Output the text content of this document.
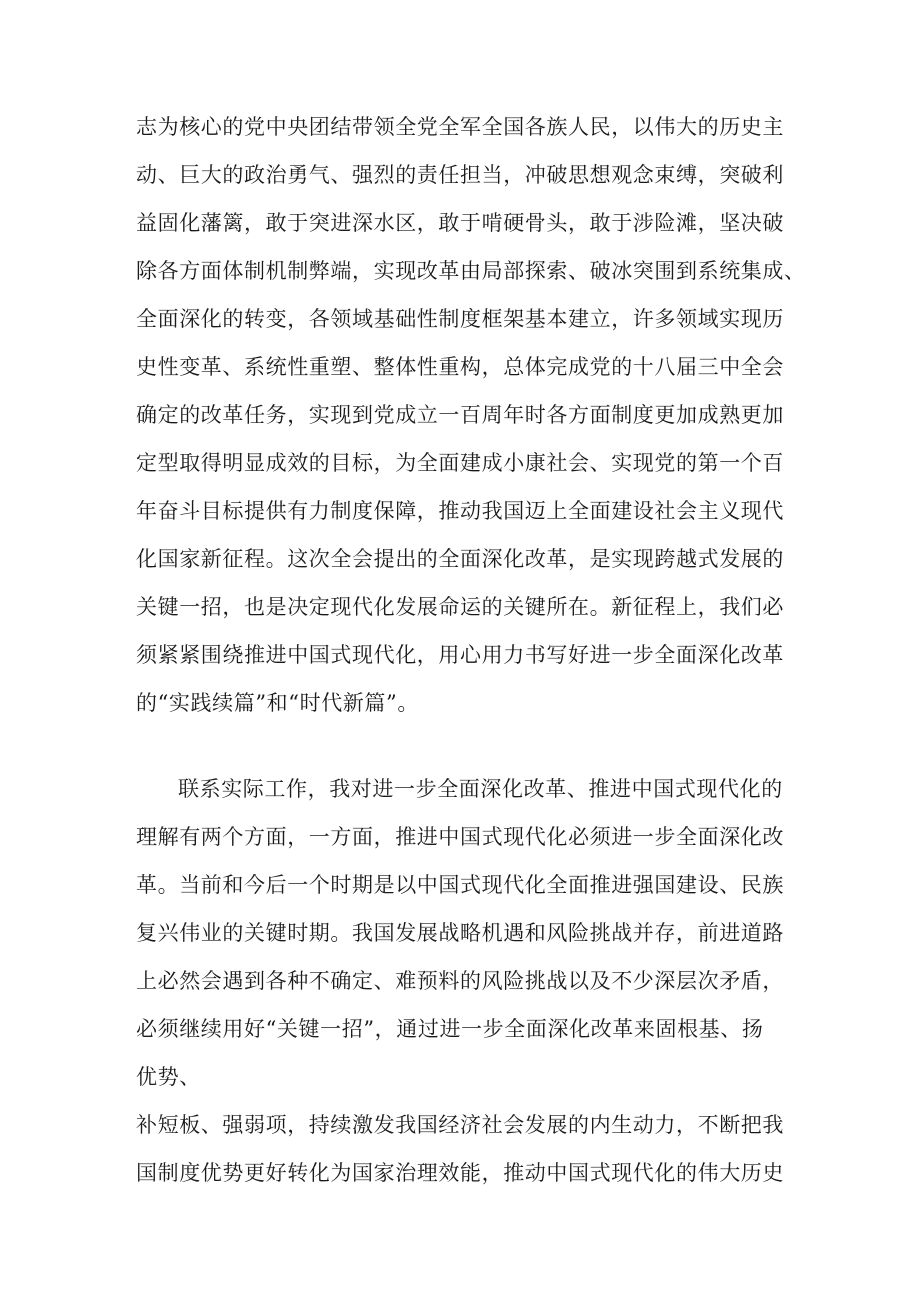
志为核心的党中央团结带领全党全军全国各族人民，以伟大的历史主
动、巨大的政治勇气、强烈的责任担当，冲破思想观念束缚，突破利
益固化藩篱，敢于突进深水区，敢于啃硬骨头，敢于涉险滩，坚决破
除各方面体制机制弊端，实现改革由局部探索、破冰突围到系统集成、
全面深化的转变，各领域基础性制度框架基本建立，许多领域实现历
史性变革、系统性重塑、整体性重构，总体完成党的十八届三中全会
确定的改革任务，实现到党成立一百周年时各方面制度更加成熟更加
定型取得明显成效的目标，为全面建成小康社会、实现党的第一个百
年奋斗目标提供有力制度保障，推动我国迈上全面建设社会主义现代
化国家新征程。这次全会提出的全面深化改革，是实现跨越式发展的
关键一招，也是决定现代化发展命运的关键所在。新征程上，我们必
须紧紧围绕推进中国式现代化，用心用力书写好进一步全面深化改革
的“实践续篇”和“时代新篇”。
联系实际工作，我对进一步全面深化改革、推进中国式现代化的
理解有两个方面，一方面，推进中国式现代化必须进一步全面深化改
革。当前和今后一个时期是以中国式现代化全面推进强国建设、民族
复兴伟业的关键时期。我国发展战略机遇和风险挑战并存，前进道路
上必然会遇到各种不确定、难预料的风险挑战以及不少深层次矛盾，
必须继续用好“关键一招”，通过进一步全面深化改革来固根基、扬
优势、
补短板、强弱项，持续激发我国经济社会发展的内生动力，不断把我
国制度优势更好转化为国家治理效能，推动中国式现代化的伟大历史
